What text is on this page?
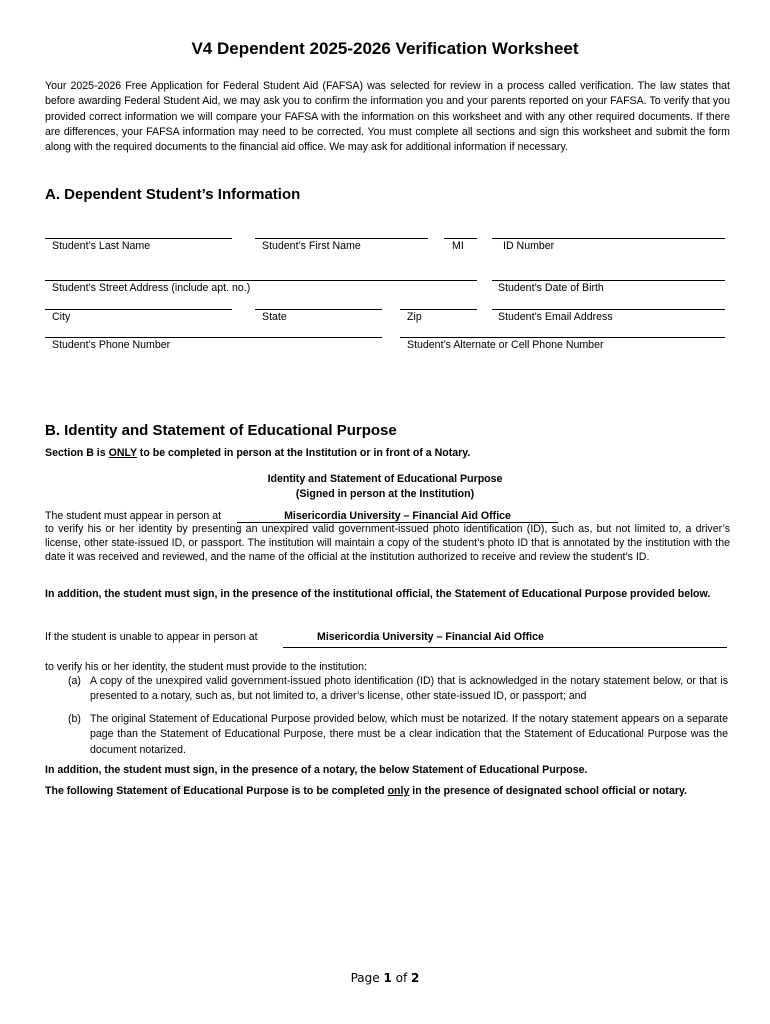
V4 Dependent 2025-2026 Verification Worksheet
Your 2025-2026 Free Application for Federal Student Aid (FAFSA) was selected for review in a process called verification. The law states that before awarding Federal Student Aid, we may ask you to confirm the information you and your parents reported on your FAFSA. To verify that you provided correct information we will compare your FAFSA with the information on this worksheet and with any other required documents. If there are differences, your FAFSA information may need to be corrected. You must complete all sections and sign this worksheet and submit the form along with the required documents to the financial aid office. We may ask for additional information if necessary.
A. Dependent Student’s Information
Student’s Last Name	Student’s First Name	MI	ID Number
Student’s Street Address (include apt. no.)	Student’s Date of Birth
City	State	Zip	Student’s Email Address
Student’s Phone Number	Student’s Alternate or Cell Phone Number
B. Identity and Statement of Educational Purpose
Section B is ONLY to be completed in person at the Institution or in front of a Notary.
Identity and Statement of Educational Purpose
(Signed in person at the Institution)
The student must appear in person at	Misericordia University – Financial Aid Office
to verify his or her identity by presenting an unexpired valid government-issued photo identification (ID), such as, but not limited to, a driver’s license, other state-issued ID, or passport. The institution will maintain a copy of the student’s photo ID that is annotated by the institution with the date it was received and reviewed, and the name of the official at the institution authorized to receive and review the student’s ID.
In addition, the student must sign, in the presence of the institutional official, the Statement of Educational Purpose provided below.
If the student is unable to appear in person at	Misericordia University – Financial Aid Office
to verify his or her identity, the student must provide to the institution:
(a) A copy of the unexpired valid government-issued photo identification (ID) that is acknowledged in the notary statement below, or that is presented to a notary, such as, but not limited to, a driver’s license, other state-issued ID, or passport; and
(b) The original Statement of Educational Purpose provided below, which must be notarized. If the notary statement appears on a separate page than the Statement of Educational Purpose, there must be a clear indication that the Statement of Educational Purpose was the document notarized.
In addition, the student must sign, in the presence of a notary, the below Statement of Educational Purpose.
The following Statement of Educational Purpose is to be completed only in the presence of designated school official or notary.
Page 1 of 2
